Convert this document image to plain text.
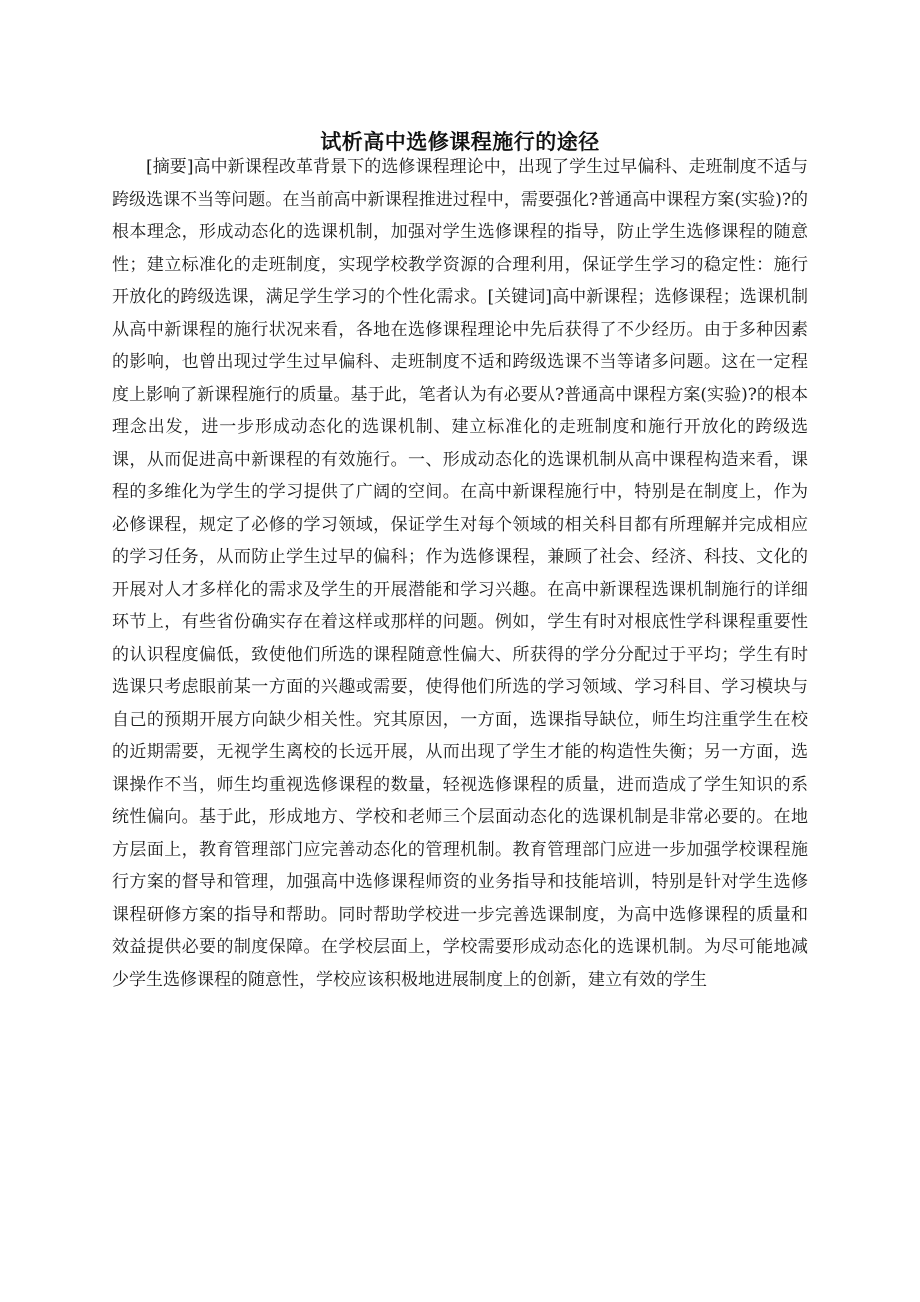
试析高中选修课程施行的途径

[摘要]高中新课程改革背景下的选修课程理论中，出现了学生过早偏科、走班制度不适与跨级选课不当等问题。在当前高中新课程推进过程中，需要强化?普通高中课程方案(实验)?的根本理念，形成动态化的选课机制，加强对学生选修课程的指导，防止学生选修课程的随意性；建立标准化的走班制度，实现学校教学资源的合理利用，保证学生学习的稳定性：施行开放化的跨级选课，满足学生学习的个性化需求。[关键词]高中新课程；选修课程；选课机制从高中新课程的施行状况来看，各地在选修课程理论中先后获得了不少经历。由于多种因素的影响，也曾出现过学生过早偏科、走班制度不适和跨级选课不当等诸多问题。这在一定程度上影响了新课程施行的质量。基于此，笔者认为有必要从?普通高中课程方案(实验)?的根本理念出发，进一步形成动态化的选课机制、建立标准化的走班制度和施行开放化的跨级选课，从而促进高中新课程的有效施行。一、形成动态化的选课机制从高中课程构造来看，课程的多维化为学生的学习提供了广阔的空间。在高中新课程施行中，特别是在制度上，作为必修课程，规定了必修的学习领域，保证学生对每个领域的相关科目都有所理解并完成相应的学习任务，从而防止学生过早的偏科；作为选修课程，兼顾了社会、经济、科技、文化的开展对人才多样化的需求及学生的开展潜能和学习兴趣。在高中新课程选课机制施行的详细环节上，有些省份确实存在着这样或那样的问题。例如，学生有时对根底性学科课程重要性的认识程度偏低，致使他们所选的课程随意性偏大、所获得的学分分配过于平均；学生有时选课只考虑眼前某一方面的兴趣或需要，使得他们所选的学习领域、学习科目、学习模块与自己的预期开展方向缺少相关性。究其原因，一方面，选课指导缺位，师生均注重学生在校的近期需要，无视学生离校的长远开展，从而出现了学生才能的构造性失衡；另一方面，选课操作不当，师生均重视选修课程的数量，轻视选修课程的质量，进而造成了学生知识的系统性偏向。基于此，形成地方、学校和老师三个层面动态化的选课机制是非常必要的。在地方层面上，教育管理部门应完善动态化的管理机制。教育管理部门应进一步加强学校课程施行方案的督导和管理，加强高中选修课程师资的业务指导和技能培训，特别是针对学生选修课程研修方案的指导和帮助。同时帮助学校进一步完善选课制度，为高中选修课程的质量和效益提供必要的制度保障。在学校层面上，学校需要形成动态化的选课机制。为尽可能地减少学生选修课程的随意性，学校应该积极地进展制度上的创新，建立有效的学生
